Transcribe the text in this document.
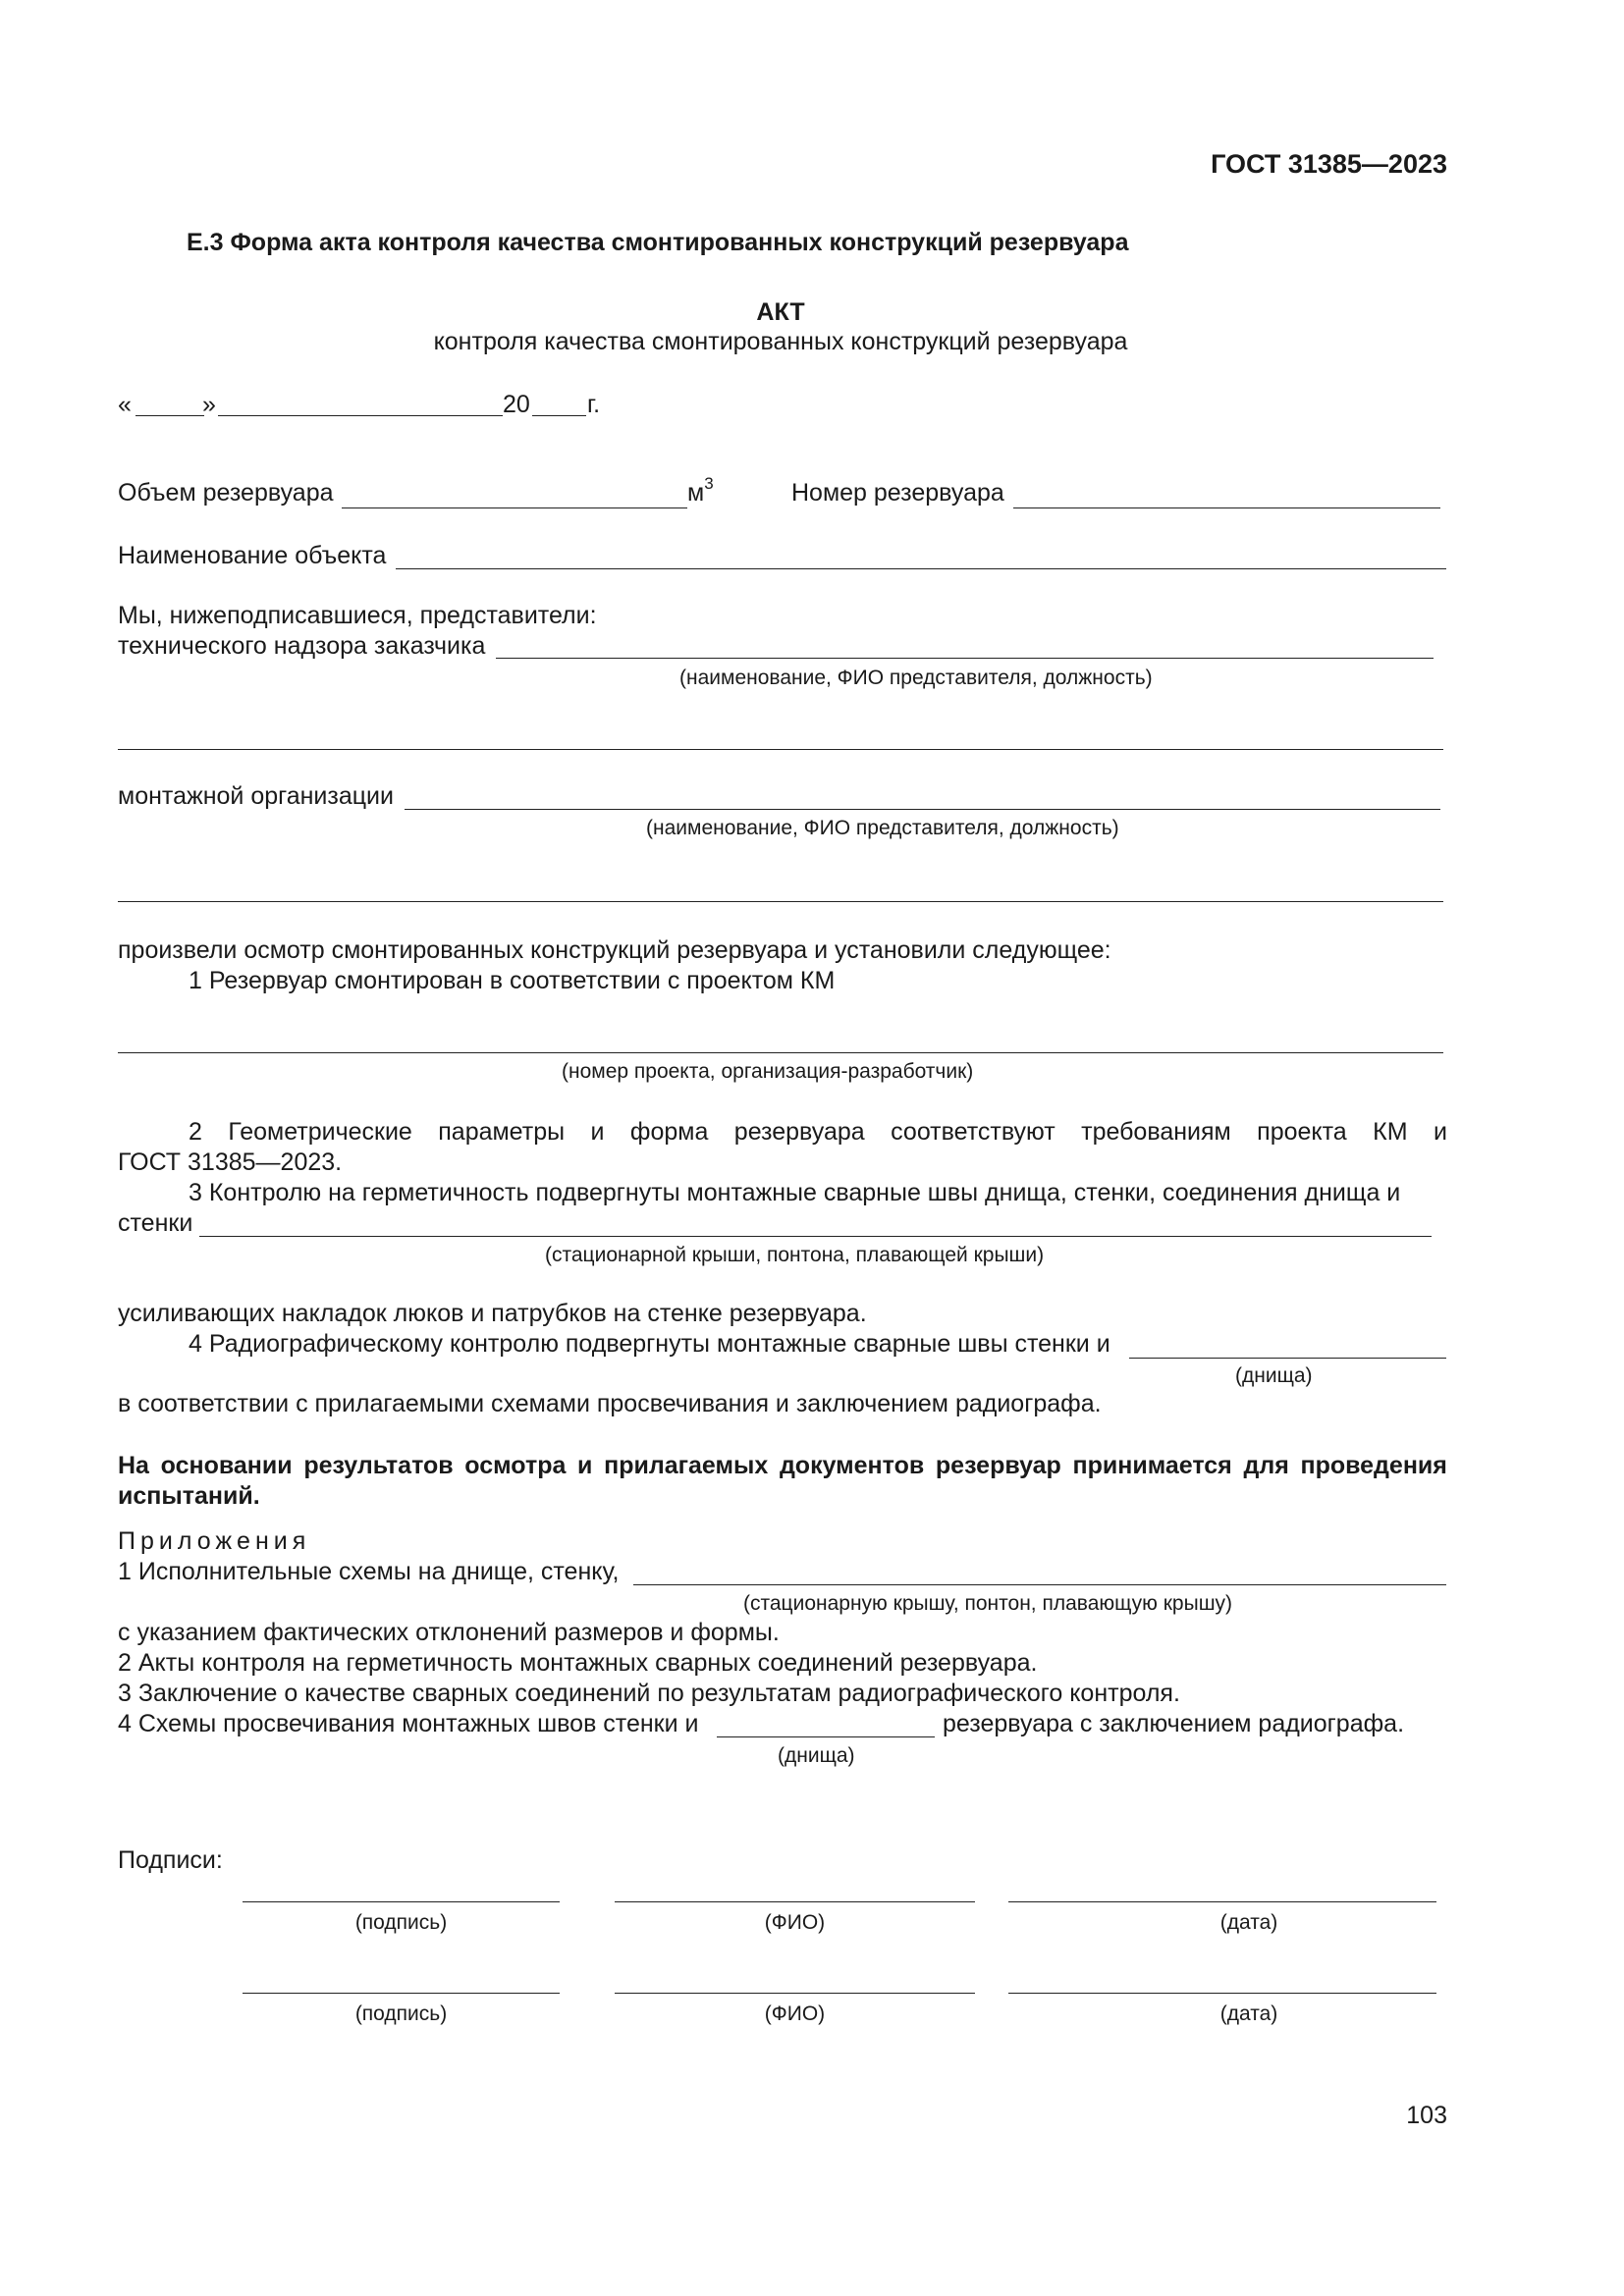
ГОСТ 31385—2023
Е.3 Форма акта контроля качества смонтированных конструкций резервуара
АКТ
контроля качества смонтированных конструкций резервуара
«	»	20 г.
Объем резервуара	$м^3$	Номер резервуара
Наименование объекта
Мы, нижеподписавшиеся, представители:
технического надзора заказчика
(наименование, ФИО представителя, должность)
монтажной организации
(наименование, ФИО представителя, должность)
произвели осмотр смонтированных конструкций резервуара и установили следующее:
1 Резервуар смонтирован в соответствии с проектом КМ
(номер проекта, организация-разработчик)
2 Геометрические параметры и форма резервуара соответствуют требованиям проекта КМ и
ГОСТ 31385—2023.
3 Контролю на герметичность подвергнуты монтажные сварные швы днища, стенки, соединения днища и
стенки
(стационарной крыши, понтона, плавающей крыши)
усиливающих накладок люков и патрубков на стенке резервуара.
4 Радиографическому контролю подвергнуты монтажные сварные швы стенки и
(днища)
в соответствии с прилагаемыми схемами просвечивания и заключением радиографа.
На основании результатов осмотра и прилагаемых документов резервуар принимается для проведения
испытаний.
Приложения
1 Исполнительные схемы на днище, стенку,
(стационарную крышу, понтон, плавающую крышу)
с указанием фактических отклонений размеров и формы.
2 Акты контроля на герметичность монтажных сварных соединений резервуара.
3 Заключение о качестве сварных соединений по результатам радиографического контроля.
4 Схемы просвечивания монтажных швов стенки и	резервуара с заключением радиографа.
(днища)
Подписи:
(подпись)	(ФИО)	(дата)
(подпись)	(ФИО)	(дата)
103
